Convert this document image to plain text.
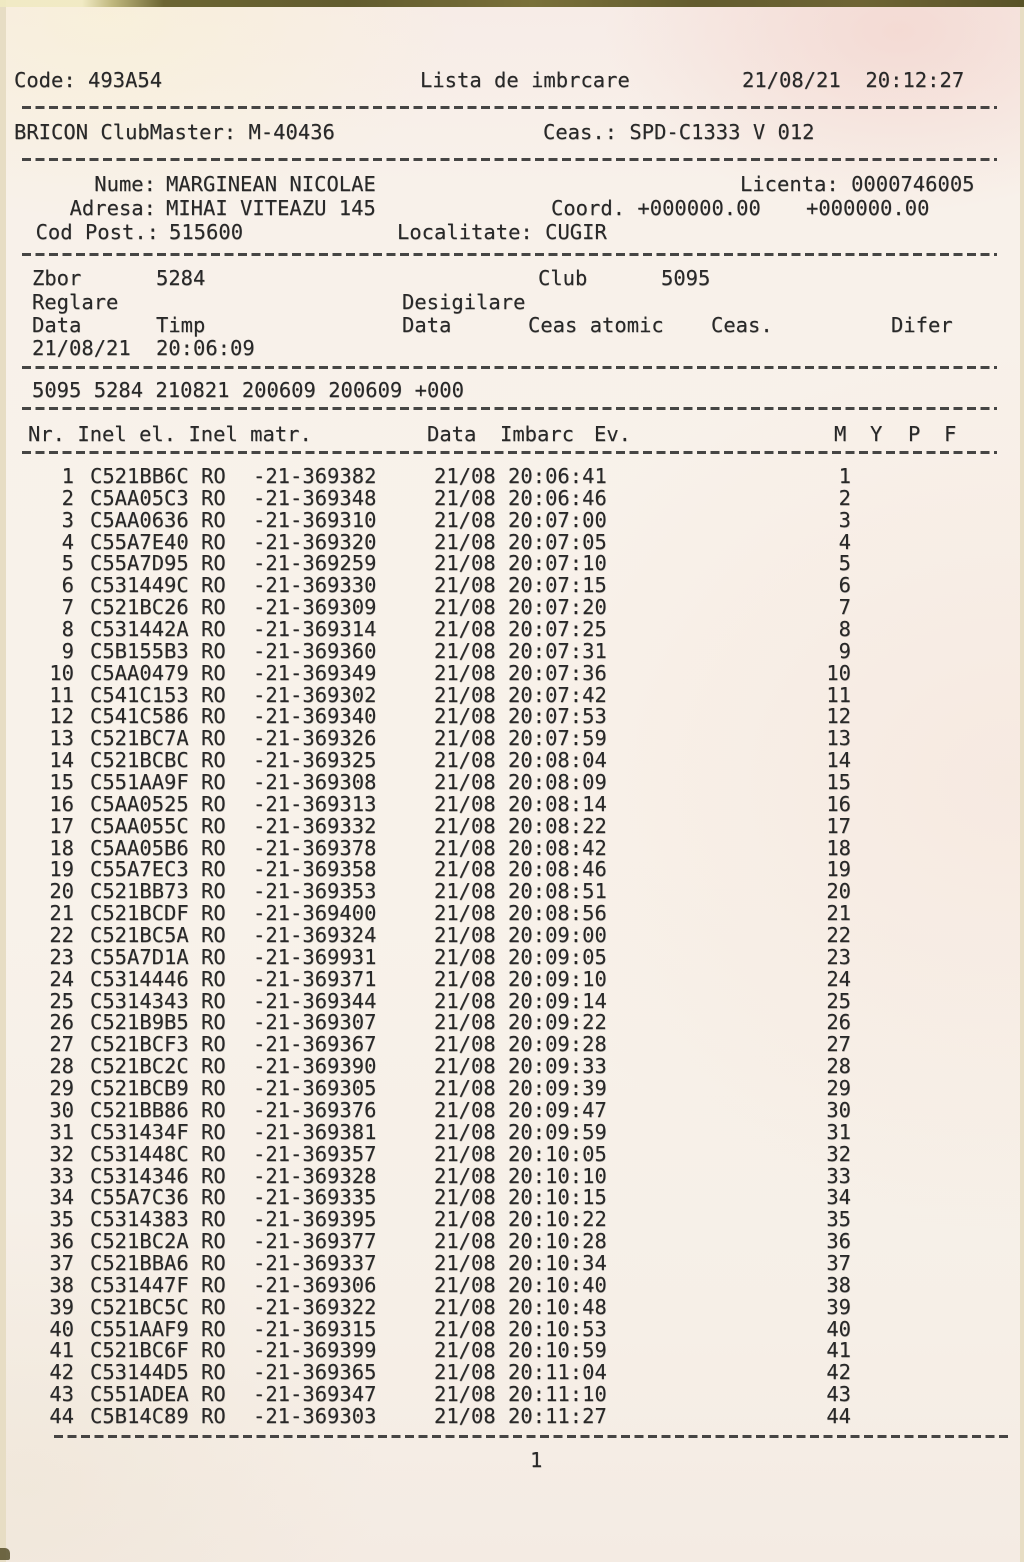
Code: 493A54	Lista de imbrcare	21/08/21  20:12:27
BRICON ClubMaster: M-40436	Ceas.: SPD-C1333 V 012
Nume: MARGINEAN NICOLAE	Licenta: 0000746005
Adresa: MIHAI VITEAZU 145	Coord. +000000.00 +000000.00
Cod Post.: 515600	Localitate: CUGIR
Zbor	5284	Club	5095
Reglare	Desigilare
Data	Timp	Data	Ceas atomic Ceas.	Difer
21/08/21 20:06:09
5095 5284 210821 200609 200609 +000
Nr. Inel el. Inel matr.	Data Imbarc Ev.	M Y P F
1 C521BB6C RO -21-369382	21/08 20:06:41	1
2 C5AA05C3 RO -21-369348	21/08 20:06:46	2
3 C5AA0636 RO -21-369310	21/08 20:07:00	3
4 C55A7E40 RO -21-369320	21/08 20:07:05	4
5 C55A7D95 RO -21-369259	21/08 20:07:10	5
6 C531449C RO -21-369330	21/08 20:07:15	6
7 C521BC26 RO -21-369309	21/08 20:07:20	7
8 C531442A RO -21-369314	21/08 20:07:25	8
9 C5B155B3 RO -21-369360	21/08 20:07:31	9
10 C5AA0479 RO -21-369349	21/08 20:07:36	10
11 C541C153 RO -21-369302	21/08 20:07:42	11
12 C541C586 RO -21-369340	21/08 20:07:53	12
13 C521BC7A RO -21-369326	21/08 20:07:59	13
14 C521BCBC RO -21-369325	21/08 20:08:04	14
15 C551AA9F RO -21-369308	21/08 20:08:09	15
16 C5AA0525 RO -21-369313	21/08 20:08:14	16
17 C5AA055C RO -21-369332	21/08 20:08:22	17
18 C5AA05B6 RO -21-369378	21/08 20:08:42	18
19 C55A7EC3 RO -21-369358	21/08 20:08:46	19
20 C521BB73 RO -21-369353	21/08 20:08:51	20
21 C521BCDF RO -21-369400	21/08 20:08:56	21
22 C521BC5A RO -21-369324	21/08 20:09:00	22
23 C55A7D1A RO -21-369931	21/08 20:09:05	23
24 C5314446 RO -21-369371	21/08 20:09:10	24
25 C5314343 RO -21-369344	21/08 20:09:14	25
26 C521B9B5 RO -21-369307	21/08 20:09:22	26
27 C521BCF3 RO -21-369367	21/08 20:09:28	27
28 C521BC2C RO -21-369390	21/08 20:09:33	28
29 C521BCB9 RO -21-369305	21/08 20:09:39	29
30 C521BB86 RO -21-369376	21/08 20:09:47	30
31 C531434F RO -21-369381	21/08 20:09:59	31
32 C531448C RO -21-369357	21/08 20:10:05	32
33 C5314346 RO -21-369328	21/08 20:10:10	33
34 C55A7C36 RO -21-369335	21/08 20:10:15	34
35 C5314383 RO -21-369395	21/08 20:10:22	35
36 C521BC2A RO -21-369377	21/08 20:10:28	36
37 C521BBA6 RO -21-369337	21/08 20:10:34	37
38 C531447F RO -21-369306	21/08 20:10:40	38
39 C521BC5C RO -21-369322	21/08 20:10:48	39
40 C551AAF9 RO -21-369315	21/08 20:10:53	40
41 C521BC6F RO -21-369399	21/08 20:10:59	41
42 C53144D5 RO -21-369365	21/08 20:11:04	42
43 C551ADEA RO -21-369347	21/08 20:11:10	43
44 C5B14C89 RO -21-369303	21/08 20:11:27	44
1
